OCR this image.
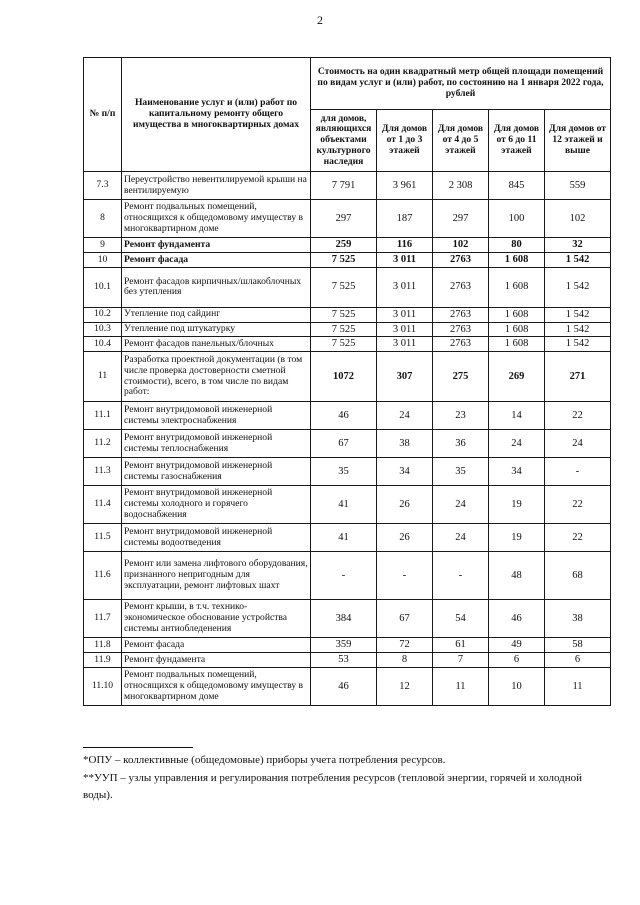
2
№ п/п	Наименование услуг и (или) работ по капитальному ремонту общего имущества в многоквартирных домах	Стоимость на один квадратный метр общей площади помещений по видам услуг и (или) работ, по состоянию на 1 января 2022 года, рублей				
		для домов, являющихся объектами культурного наследия	Для домов от 1 до 3 этажей	Для домов от 4 до 5 этажей	Для домов от 6 до 11 этажей	Для домов от 12 этажей и выше
7.3	Переустройство невентилируемой крыши на вентилируемую	7 791	3 961	2 308	845	559
8	Ремонт подвальных помещений, относящихся к общедомовому имуществу в многоквартирном доме	297	187	297	100	102
9	Ремонт фундамента	259	116	102	80	32
10	Ремонт фасада	7 525	3 011	2763	1 608	1 542
10.1	Ремонт фасадов кирпичных/шлакоблочных без утепления	7 525	3 011	2763	1 608	1 542
10.2	Утепление под сайдинг	7 525	3 011	2763	1 608	1 542
10.3	Утепление под штукатурку	7 525	3 011	2763	1 608	1 542
10.4	Ремонт фасадов панельных/блочных	7 525	3 011	2763	1 608	1 542
11	Разработка проектной документации (в том числе проверка достоверности сметной стоимости), всего, в том числе по видам работ:	1072	307	275	269	271
11.1	Ремонт внутридомовой инженерной системы электроснабжения	46	24	23	14	22
11.2	Ремонт внутридомовой инженерной системы теплоснабжения	67	38	36	24	24
11.3	Ремонт внутридомовой инженерной системы газоснабжения	35	34	35	34	-
11.4	Ремонт внутридомовой инженерной системы холодного и горячего водоснабжения	41	26	24	19	22
11.5	Ремонт внутридомовой инженерной системы водоотведения	41	26	24	19	22
11.6	Ремонт или замена лифтового оборудования, признанного непригодным для эксплуатации, ремонт лифтовых шахт	-	-	-	48	68
11.7	Ремонт крыши, в т.ч. технико-экономическое обоснование устройства системы антиобледенения	384	67	54	46	38
11.8	Ремонт фасада	359	72	61	49	58
11.9	Ремонт фундамента	53	8	7	6	6
11.10	Ремонт подвальных помещений, относящихся к общедомовому имуществу в многоквартирном доме	46	12	11	10	11
*ОПУ – коллективные (общедомовые) приборы учета потребления ресурсов.
**УУП – узлы управления и регулирования потребления ресурсов (тепловой энергии, горячей и холодной воды).
